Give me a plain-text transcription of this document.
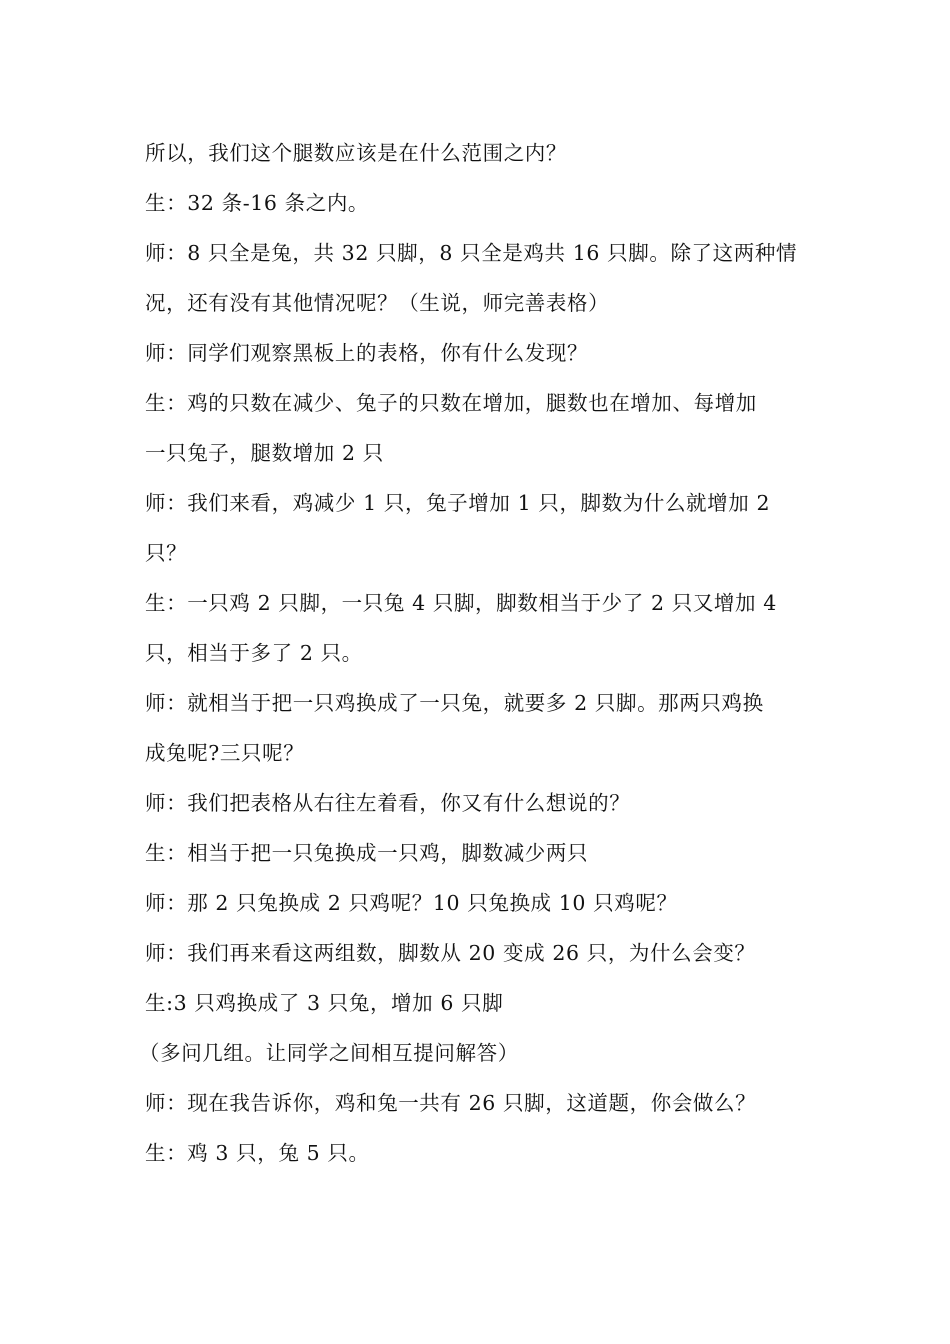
所以，我们这个腿数应该是在什么范围之内？

生：32 条-16 条之内。

师：8 只全是兔，共 32 只脚，8 只全是鸡共 16 只脚。除了这两种情

况，还有没有其他情况呢？（生说，师完善表格）

师：同学们观察黑板上的表格，你有什么发现？

生：鸡的只数在减少、兔子的只数在增加，腿数也在增加、每增加

一只兔子，腿数增加 2 只

师：我们来看，鸡减少 1 只，兔子增加 1 只，脚数为什么就增加 2

只？

生：一只鸡 2 只脚，一只兔 4 只脚，脚数相当于少了 2 只又增加 4

只，相当于多了 2 只。

师：就相当于把一只鸡换成了一只兔，就要多 2 只脚。那两只鸡换

成兔呢?三只呢？

师：我们把表格从右往左着看，你又有什么想说的？

生：相当于把一只兔换成一只鸡，脚数减少两只

师：那 2 只兔换成 2 只鸡呢？10 只兔换成 10 只鸡呢？

师：我们再来看这两组数，脚数从 20 变成 26 只，为什么会变？

生:3 只鸡换成了 3 只兔，增加 6 只脚

（多问几组。让同学之间相互提问解答）

师：现在我告诉你，鸡和兔一共有 26 只脚，这道题，你会做么？

生：鸡 3 只，兔 5 只。
